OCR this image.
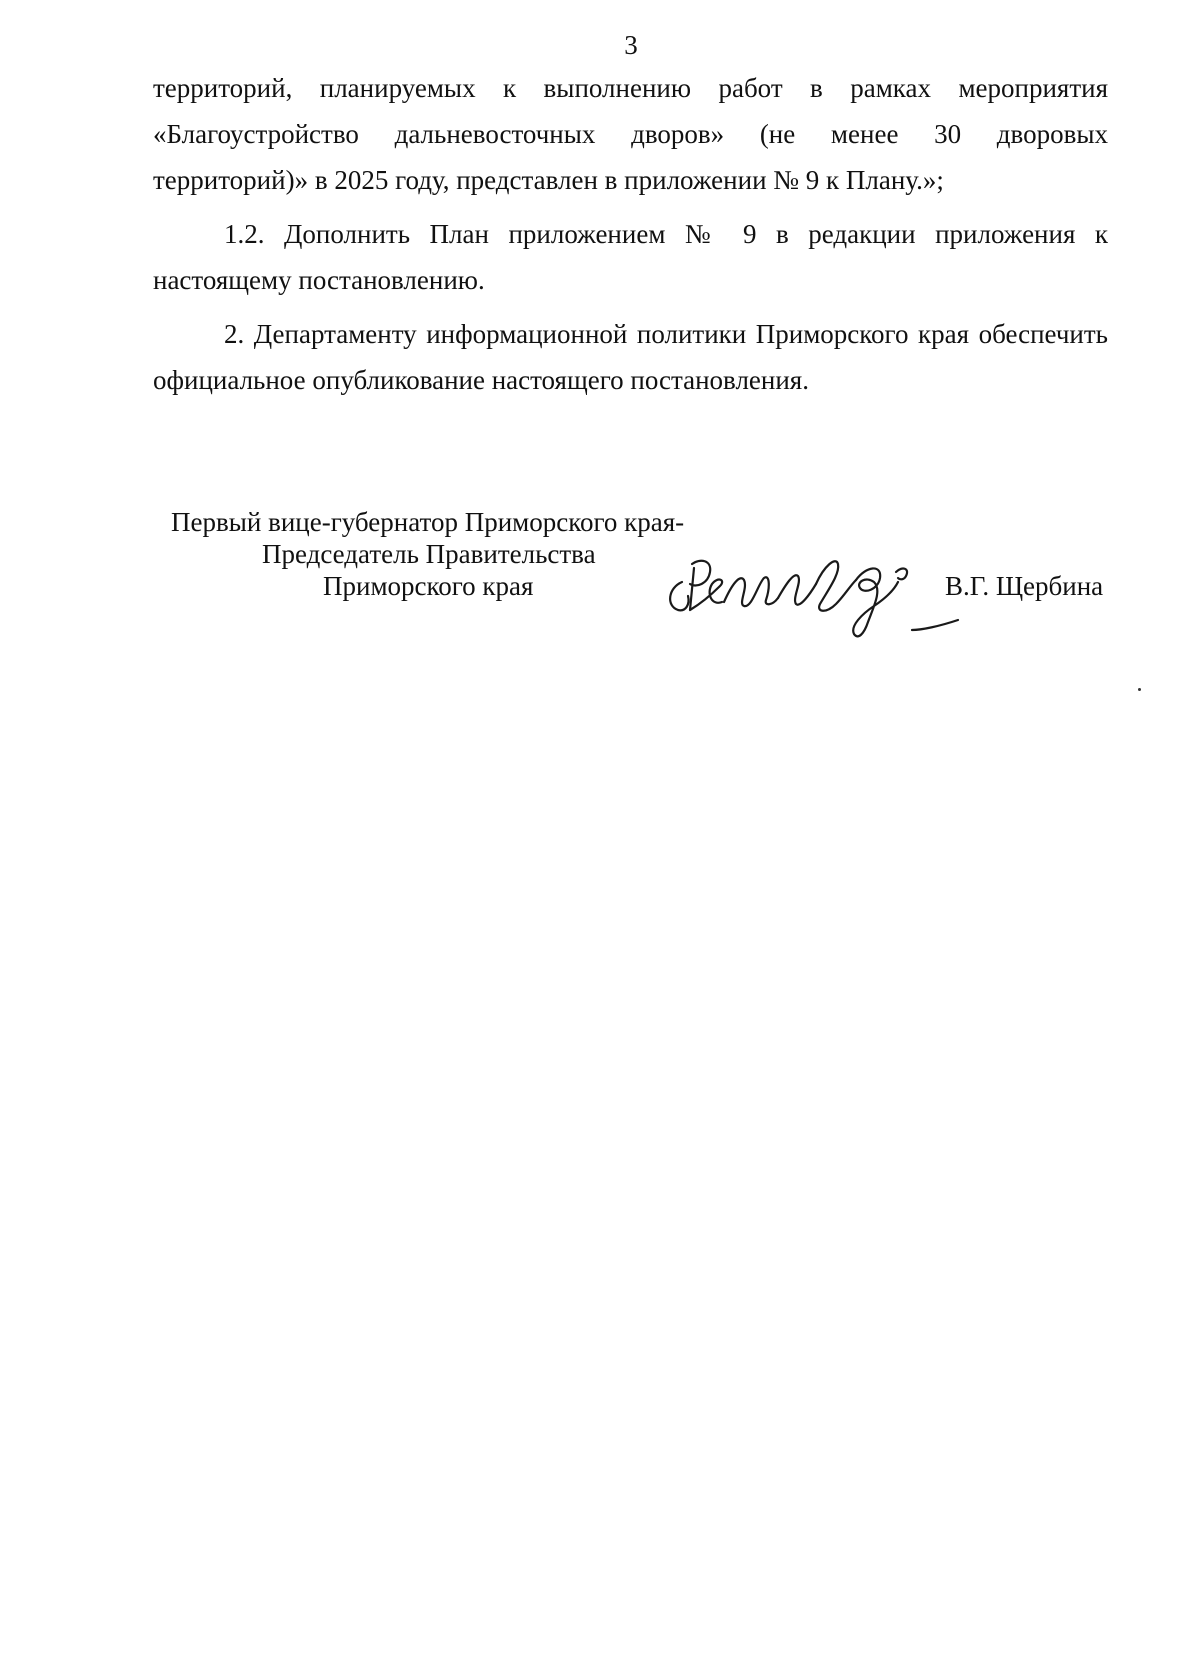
3

территорий, планируемых к выполнению работ в рамках мероприятия

«Благоустройство дальневосточных дворов» (не менее 30 дворовых

территорий)» в 2025 году, представлен в приложении № 9 к Плану.»;

1.2. Дополнить План приложением № 9 в редакции приложения к настоящему постановлению.

2. Департаменту информационной политики Приморского края обеспечить официальное опубликование настоящего постановления.

Первый вице-губернатор Приморского края-
Председатель Правительства
Приморского края	В.Г. Щербина
